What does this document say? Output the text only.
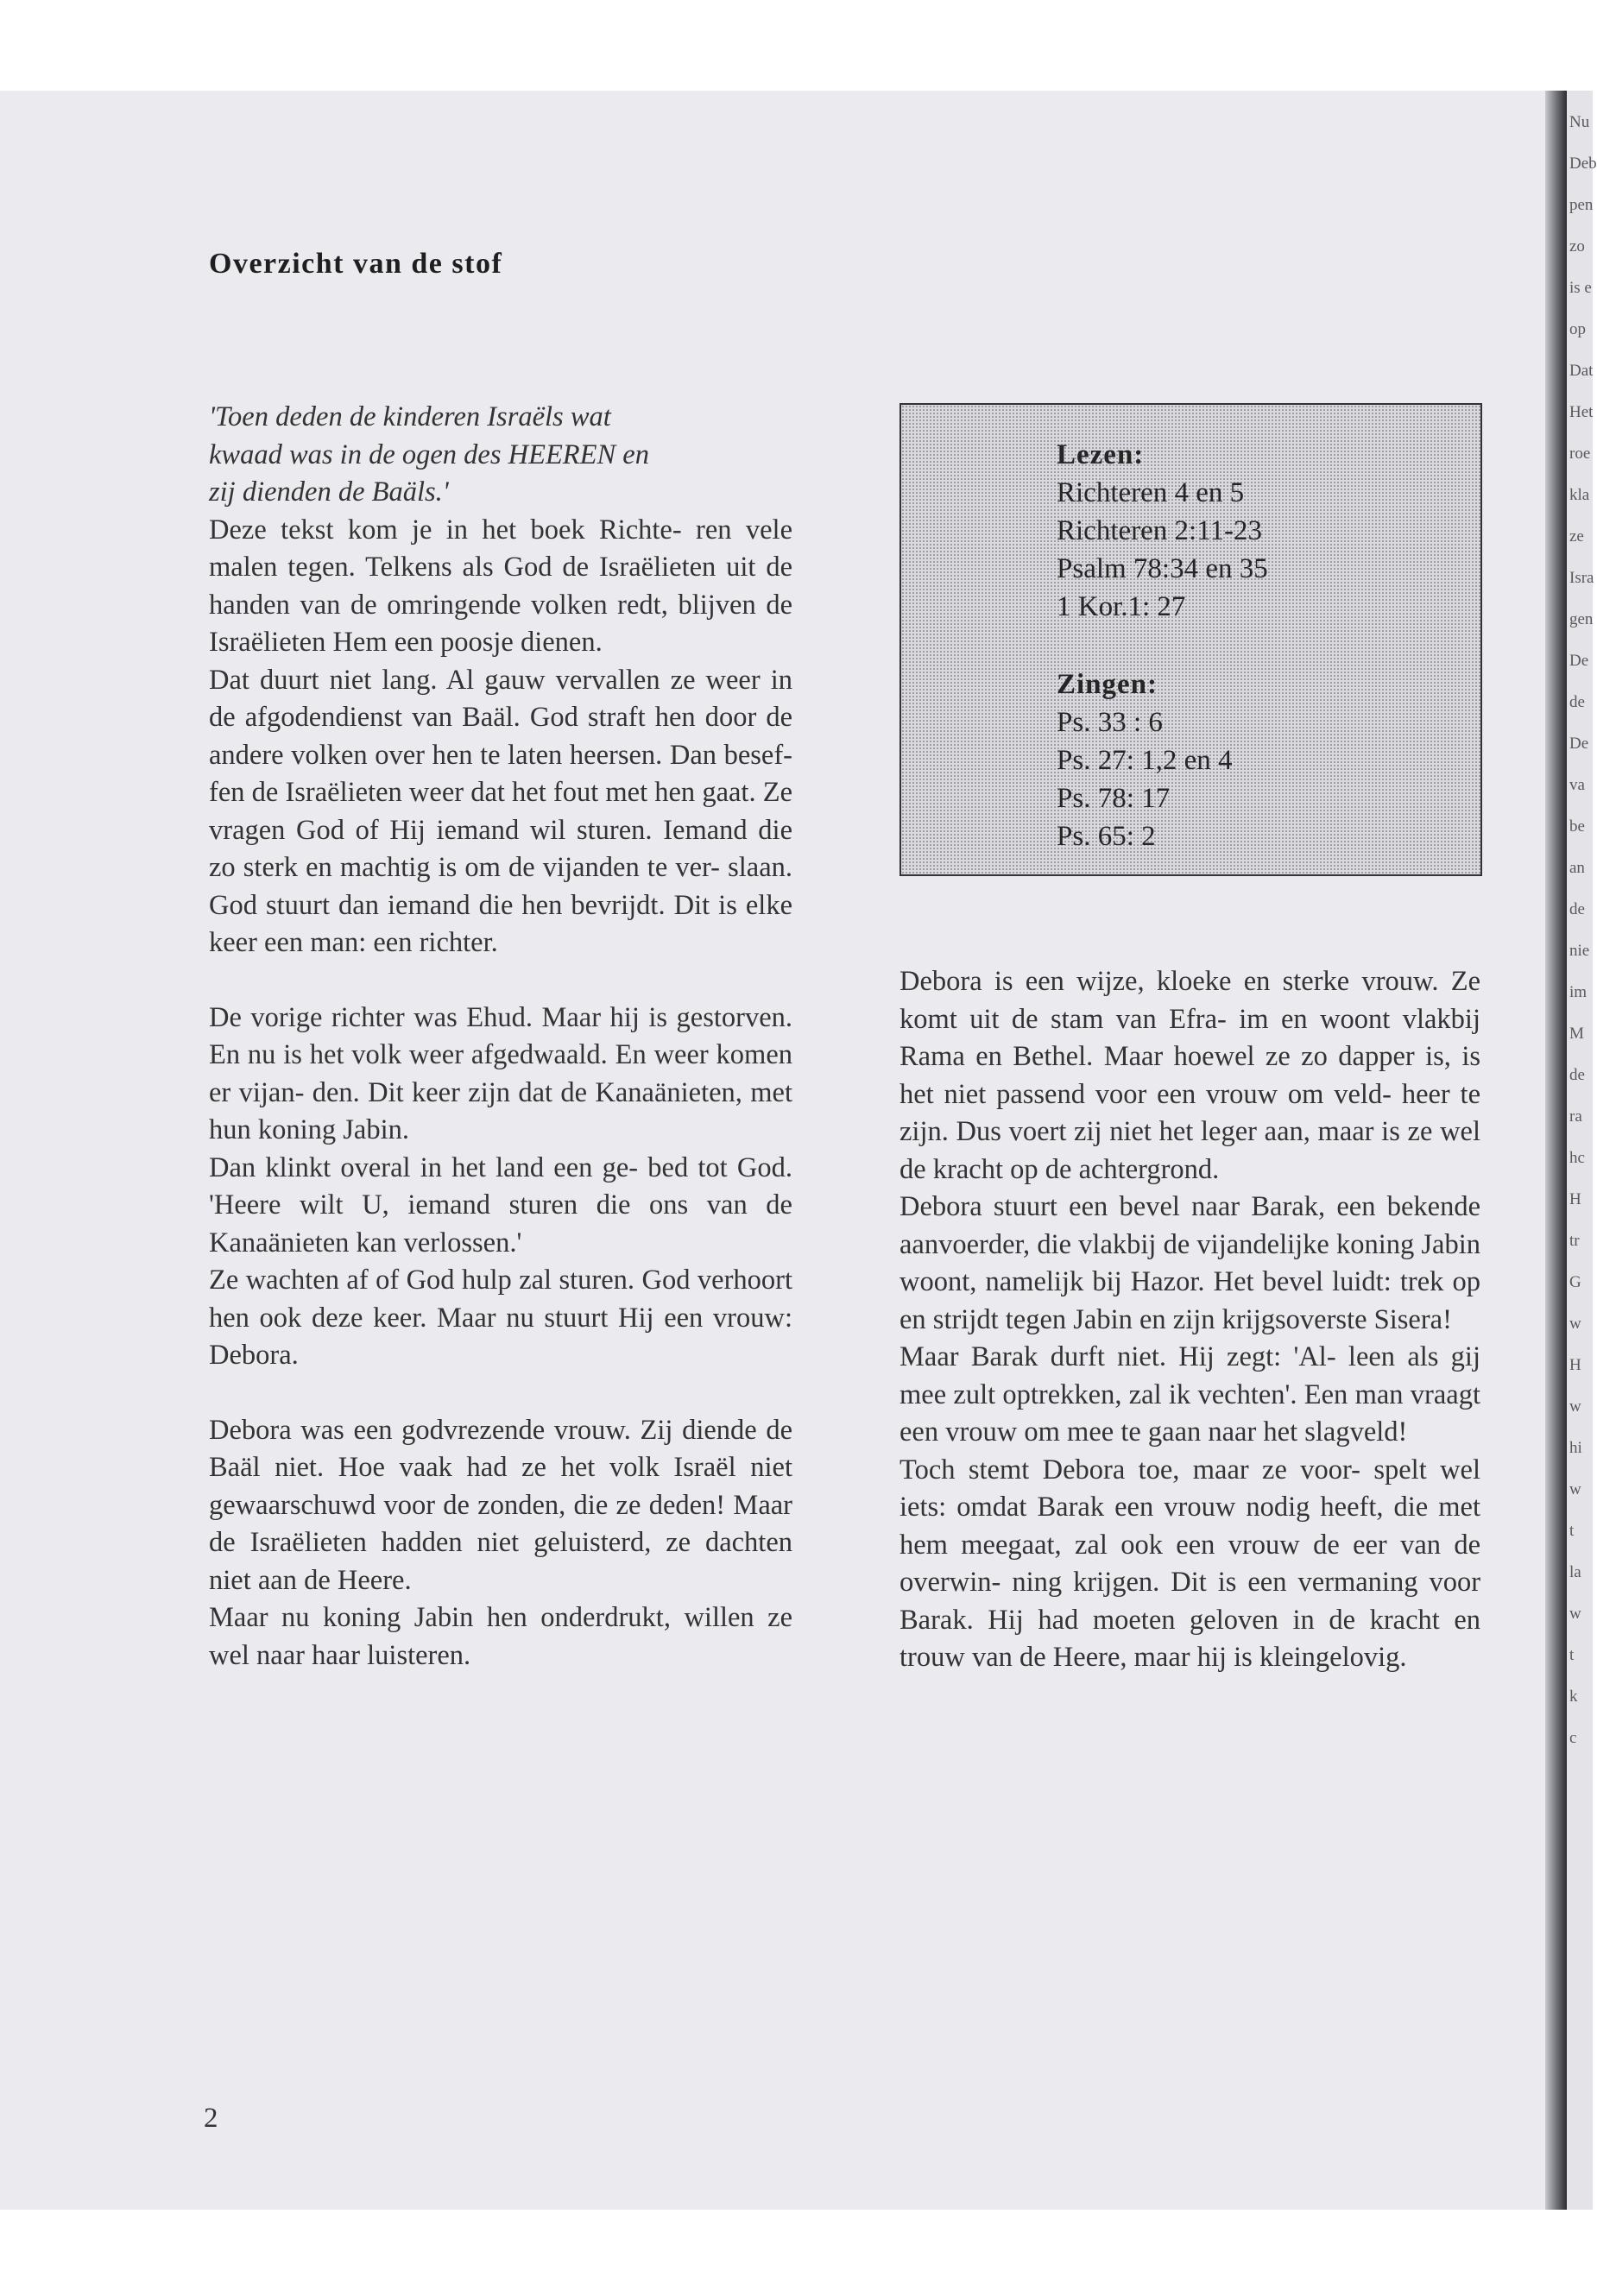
Nu
Deb
pen
zo
is e
op
Dat
Het
roe
kla
ze
Isra
gen
De
de
De
va
be
an
de
nie
im
M
de
ra
hc
H
tr
G
w
H
w
hi
w
t
la
w
t
k
c
Overzicht van de stof

'Toen deden de kinderen Israëls wat
kwaad was in de ogen des HEEREN en
zij dienden de Baäls.'

Deze tekst kom je in het boek Richte- ren vele malen tegen. Telkens als God de Israëlieten uit de handen van de omringende volken redt, blijven de Israëlieten Hem een poosje dienen.
Dat duurt niet lang. Al gauw vervallen ze weer in de afgodendienst van Baäl. God straft hen door de andere volken over hen te laten heersen. Dan besef- fen de Israëlieten weer dat het fout met hen gaat. Ze vragen God of Hij iemand wil sturen. Iemand die zo sterk en machtig is om de vijanden te ver- slaan. God stuurt dan iemand die hen bevrijdt. Dit is elke keer een man: een richter.

De vorige richter was Ehud. Maar hij is gestorven. En nu is het volk weer afgedwaald. En weer komen er vijan- den. Dit keer zijn dat de Kanaänieten, met hun koning Jabin.
Dan klinkt overal in het land een ge- bed tot God. 'Heere wilt U, iemand sturen die ons van de Kanaänieten kan verlossen.'
Ze wachten af of God hulp zal sturen. God verhoort hen ook deze keer. Maar nu stuurt Hij een vrouw: Debora.

Debora was een godvrezende vrouw. Zij diende de Baäl niet. Hoe vaak had ze het volk Israël niet gewaarschuwd voor de zonden, die ze deden! Maar de Israëlieten hadden niet geluisterd, ze dachten niet aan de Heere.
Maar nu koning Jabin hen onderdrukt, willen ze wel naar haar luisteren.

Lezen:
Richteren 4 en 5
Richteren 2:11-23
Psalm 78:34 en 35
1 Kor.1: 27
Zingen:
Ps. 33 : 6
Ps. 27: 1,2 en 4
Ps. 78: 17
Ps. 65: 2

Debora is een wijze, kloeke en sterke vrouw. Ze komt uit de stam van Efra- im en woont vlakbij Rama en Bethel. Maar hoewel ze zo dapper is, is het niet passend voor een vrouw om veld- heer te zijn. Dus voert zij niet het leger aan, maar is ze wel de kracht op de achtergrond.
Debora stuurt een bevel naar Barak, een bekende aanvoerder, die vlakbij de vijandelijke koning Jabin woont, namelijk bij Hazor. Het bevel luidt: trek op en strijdt tegen Jabin en zijn krijgsoverste Sisera!
Maar Barak durft niet. Hij zegt: 'Al- leen als gij mee zult optrekken, zal ik vechten'. Een man vraagt een vrouw om mee te gaan naar het slagveld!
Toch stemt Debora toe, maar ze voor- spelt wel iets: omdat Barak een vrouw nodig heeft, die met hem meegaat, zal ook een vrouw de eer van de overwin- ning krijgen. Dit is een vermaning voor Barak. Hij had moeten geloven in de kracht en trouw van de Heere, maar hij is kleingelovig.

2
